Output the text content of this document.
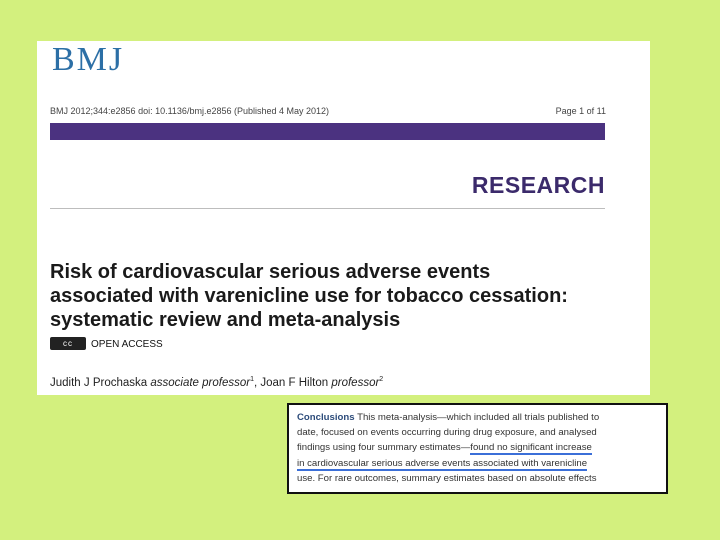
BMJ
BMJ 2012;344:e2856 doi: 10.1136/bmj.e2856 (Published 4 May 2012)	Page 1 of 11
RESEARCH
Risk of cardiovascular serious adverse events
associated with varenicline use for tobacco cessation:
systematic review and meta-analysis
cc	OPEN ACCESS
Judith J Prochaska associate professor$^1$, Joan F Hilton professor$^2$
Conclusions This meta-analysis—which included all trials published to
date, focused on events occurring during drug exposure, and analysed
findings using four summary estimates—found no significant increase
in cardiovascular serious adverse events associated with varenicline
use. For rare outcomes, summary estimates based on absolute effects
